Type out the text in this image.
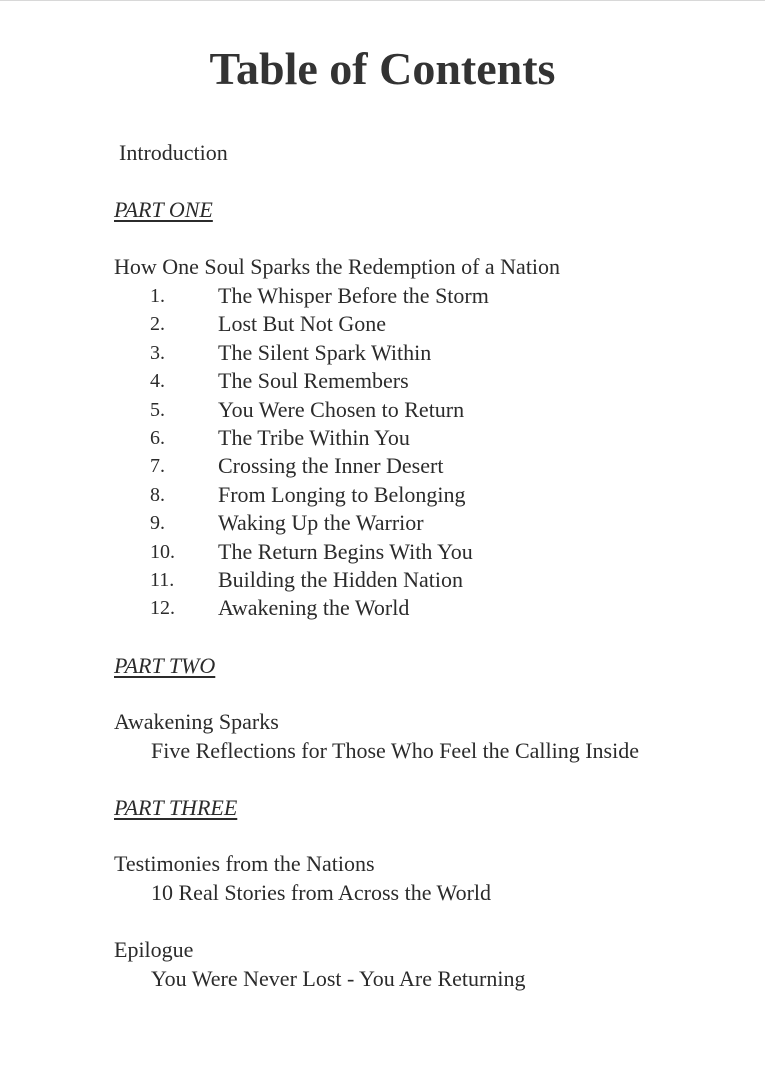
Table of Contents
Introduction
PART ONE
How One Soul Sparks the Redemption of a Nation
1. The Whisper Before the Storm
2. Lost But Not Gone
3. The Silent Spark Within
4. The Soul Remembers
5. You Were Chosen to Return
6. The Tribe Within You
7. Crossing the Inner Desert
8. From Longing to Belonging
9. Waking Up the Warrior
10. The Return Begins With You
11. Building the Hidden Nation
12. Awakening the World
PART TWO
Awakening Sparks
Five Reflections for Those Who Feel the Calling Inside
PART THREE
Testimonies from the Nations
10 Real Stories from Across the World
Epilogue
You Were Never Lost - You Are Returning
